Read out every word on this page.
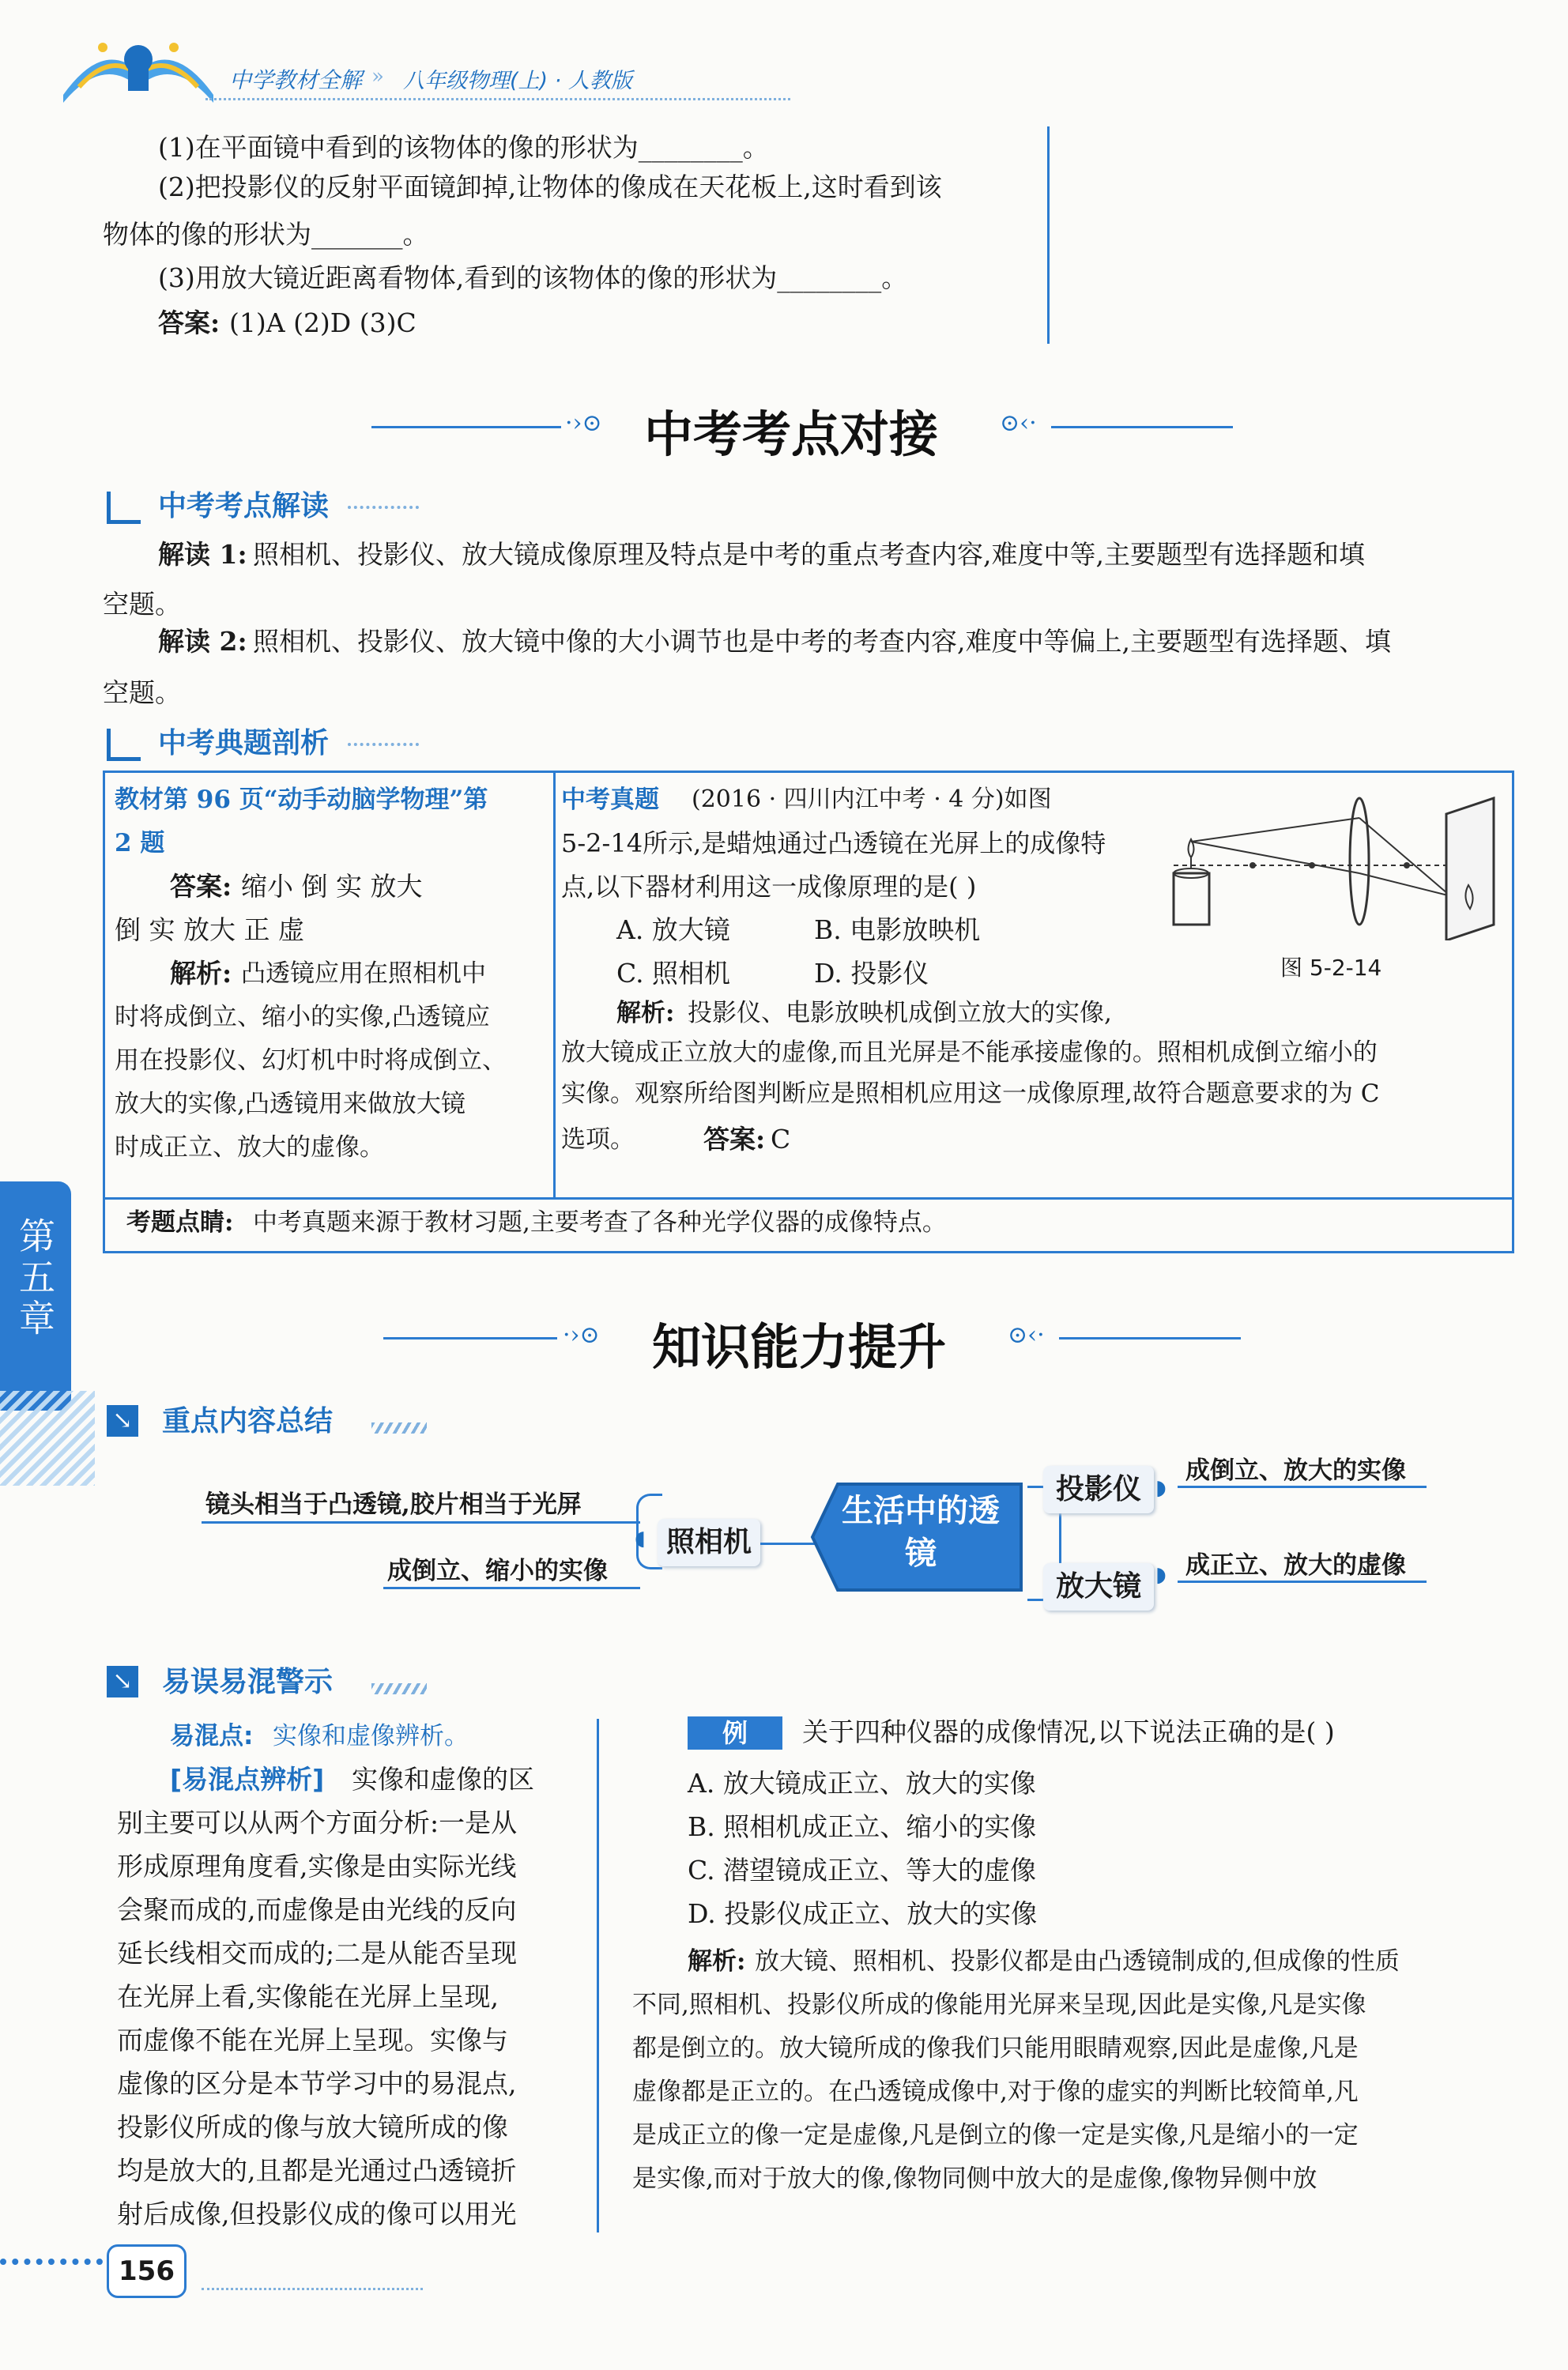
中学教材全解 » 八年级物理(上) · 人教版
(1)在平面镜中看到的该物体的像的形状为________。
(2)把投影仪的反射平面镜卸掉,让物体的像成在天花板上,这时看到该
物体的像的形状为_______。
(3)用放大镜近距离看物体,看到的该物体的像的形状为________。
答案: (1)A (2)D (3)C
·›⊙ 中考考点对接	⊙‹·
中考考点解读
解读 1: 照相机、投影仪、放大镜成像原理及特点是中考的重点考查内容,难度中等,主要题型有选择题和填
空题。
解读 2: 照相机、投影仪、放大镜中像的大小调节也是中考的考查内容,难度中等偏上,主要题型有选择题、填
空题。
中考典题剖析
教材第 96 页“动手动脑学物理”第
2 题
答案: 缩小 倒 实 放大
倒 实 放大 正 虚
解析: 凸透镜应用在照相机中
时将成倒立、缩小的实像,凸透镜应
用在投影仪、幻灯机中时将成倒立、
放大的实像,凸透镜用来做放大镜
时成正立、放大的虚像。
中考真题 (2016 · 四川内江中考 · 4 分)如图
5-2-14所示,是蜡烛通过凸透镜在光屏上的成像特
点,以下器材利用这一成像原理的是( )
A. 放大镜	B. 电影放映机
C. 照相机	D. 投影仪	图 5-2-14
解析: 投影仪、电影放映机成倒立放大的实像,
放大镜成正立放大的虚像,而且光屏是不能承接虚像的。照相机成倒立缩小的
实像。观察所给图判断应是照相机应用这一成像原理,故符合题意要求的为 C
选项。	答案: C
考题点睛: 中考真题来源于教材习题,主要考查了各种光学仪器的成像特点。
第五章	·›⊙ 知识能力提升	⊙‹·
↘ 重点内容总结
镜头相当于凸透镜,胶片相当于光屏
成倒立、缩小的实像
◖ 照相机
生活中的透镜
投影仪 ◗
成倒立、放大的实像
放大镜 ◗ 成正立、放大的虚像
↘ 易误易混警示
易混点: 实像和虚像辨析。
[易混点辨析] 实像和虚像的区
别主要可以从两个方面分析:一是从
形成原理角度看,实像是由实际光线
会聚而成的,而虚像是由光线的反向
延长线相交而成的;二是从能否呈现
在光屏上看,实像能在光屏上呈现,
而虚像不能在光屏上呈现。实像与
虚像的区分是本节学习中的易混点,
投影仪所成的像与放大镜所成的像
均是放大的,且都是光通过凸透镜折
射后成像,但投影仪成的像可以用光
例	关于四种仪器的成像情况,以下说法正确的是( )
A. 放大镜成正立、放大的实像
B. 照相机成正立、缩小的实像
C. 潜望镜成正立、等大的虚像
D. 投影仪成正立、放大的实像
解析: 放大镜、照相机、投影仪都是由凸透镜制成的,但成像的性质
不同,照相机、投影仪所成的像能用光屏来呈现,因此是实像,凡是实像
都是倒立的。放大镜所成的像我们只能用眼睛观察,因此是虚像,凡是
虚像都是正立的。在凸透镜成像中,对于像的虚实的判断比较简单,凡
是成正立的像一定是虚像,凡是倒立的像一定是实像,凡是缩小的一定
是实像,而对于放大的像,像物同侧中放大的是虚像,像物异侧中放
156
